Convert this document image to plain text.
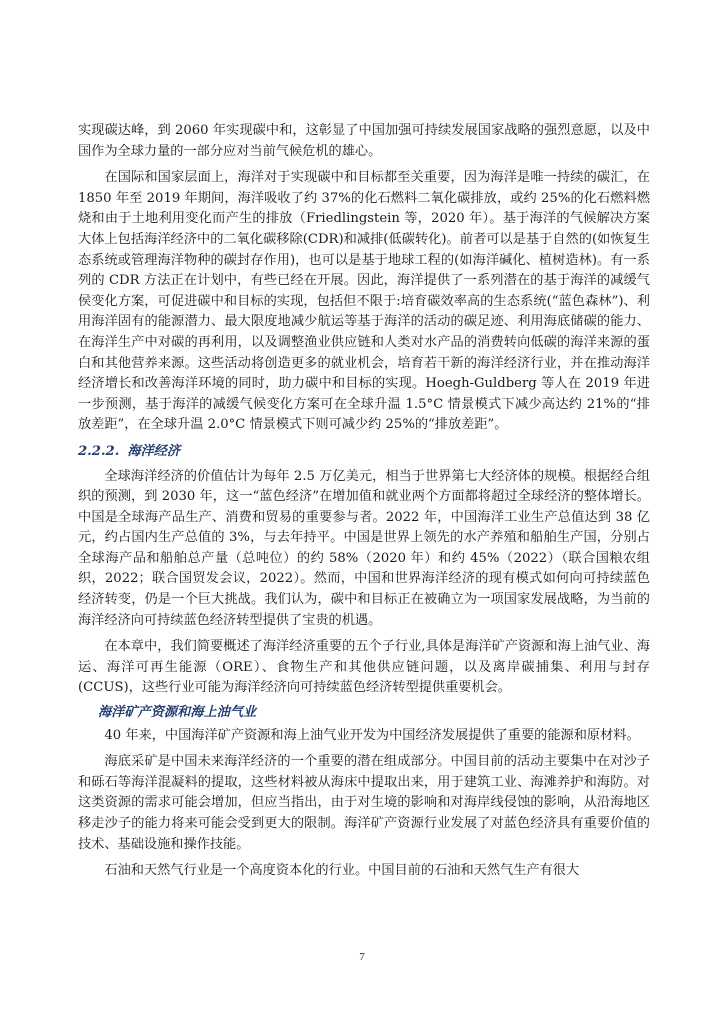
实现碳达峰，到 2060 年实现碳中和，这彰显了中国加强可持续发展国家战略的强烈意愿，以及中国作为全球力量的一部分应对当前气候危机的雄心。

在国际和国家层面上，海洋对于实现碳中和目标都至关重要，因为海洋是唯一持续的碳汇，在 1850 年至 2019 年期间，海洋吸收了约 37%的化石燃料二氧化碳排放，或约 25%的化石燃料燃烧和由于土地利用变化而产生的排放（Friedlingstein 等，2020 年）。基于海洋的气候解决方案大体上包括海洋经济中的二氧化碳移除(CDR)和减排(低碳转化)。前者可以是基于自然的(如恢复生态系统或管理海洋物种的碳封存作用)，也可以是基于地球工程的(如海洋碱化、植树造林)。有一系列的 CDR 方法正在计划中，有些已经在开展。因此，海洋提供了一系列潜在的基于海洋的减缓气侯变化方案，可促进碳中和目标的实现，包括但不限于:培育碳效率高的生态系统(“蓝色森林”)、利用海洋固有的能源潜力、最大限度地减少航运等基于海洋的活动的碳足迹、利用海底储碳的能力、在海洋生产中对碳的再利用，以及调整渔业供应链和人类对水产品的消费转向低碳的海洋来源的蛋白和其他营养来源。这些活动将创造更多的就业机会，培育若干新的海洋经济行业，并在推动海洋经济增长和改善海洋环境的同时，助力碳中和目标的实现。Hoegh-Guldberg 等人在 2019 年进一步预测，基于海洋的减缓气候变化方案可在全球升温 1.5°C 情景模式下减少高达约 21%的“排放差距”，在全球升温 2.0°C 情景模式下则可减少约 25%的“排放差距”。

2.2.2. 海洋经济

全球海洋经济的价值估计为每年 2.5 万亿美元，相当于世界第七大经济体的规模。根据经合组织的预测，到 2030 年，这一“蓝色经济”在增加值和就业两个方面都将超过全球经济的整体增长。中国是全球海产品生产、消费和贸易的重要参与者。2022 年，中国海洋工业生产总值达到 38 亿元，约占国内生产总值的 3%，与去年持平。中国是世界上领先的水产养殖和船舶生产国，分别占全球海产品和船舶总产量（总吨位）的约 58%（2020 年）和约 45%（2022）（联合国粮农组织，2022；联合国贸发会议，2022）。然而，中国和世界海洋经济的现有模式如何向可持续蓝色经济转变，仍是一个巨大挑战。我们认为，碳中和目标正在被确立为一项国家发展战略，为当前的海洋经济向可持续蓝色经济转型提供了宝贵的机遇。

在本章中，我们简要概述了海洋经济重要的五个子行业,具体是海洋矿产资源和海上油气业、海运、海洋可再生能源（ORE）、食物生产和其他供应链问题，以及离岸碳捕集、利用与封存(CCUS)，这些行业可能为海洋经济向可持续蓝色经济转型提供重要机会。

海洋矿产资源和海上油气业

40 年来，中国海洋矿产资源和海上油气业开发为中国经济发展提供了重要的能源和原材料。

海底采矿是中国未来海洋经济的一个重要的潜在组成部分。中国目前的活动主要集中在对沙子和砾石等海洋混凝料的提取，这些材料被从海床中提取出来，用于建筑工业、海滩养护和海防。对这类资源的需求可能会增加，但应当指出，由于对生境的影响和对海岸线侵蚀的影响，从沿海地区移走沙子的能力将来可能会受到更大的限制。海洋矿产资源行业发展了对蓝色经济具有重要价值的技术、基础设施和操作技能。

石油和天然气行业是一个高度资本化的行业。中国目前的石油和天然气生产有很大

7
